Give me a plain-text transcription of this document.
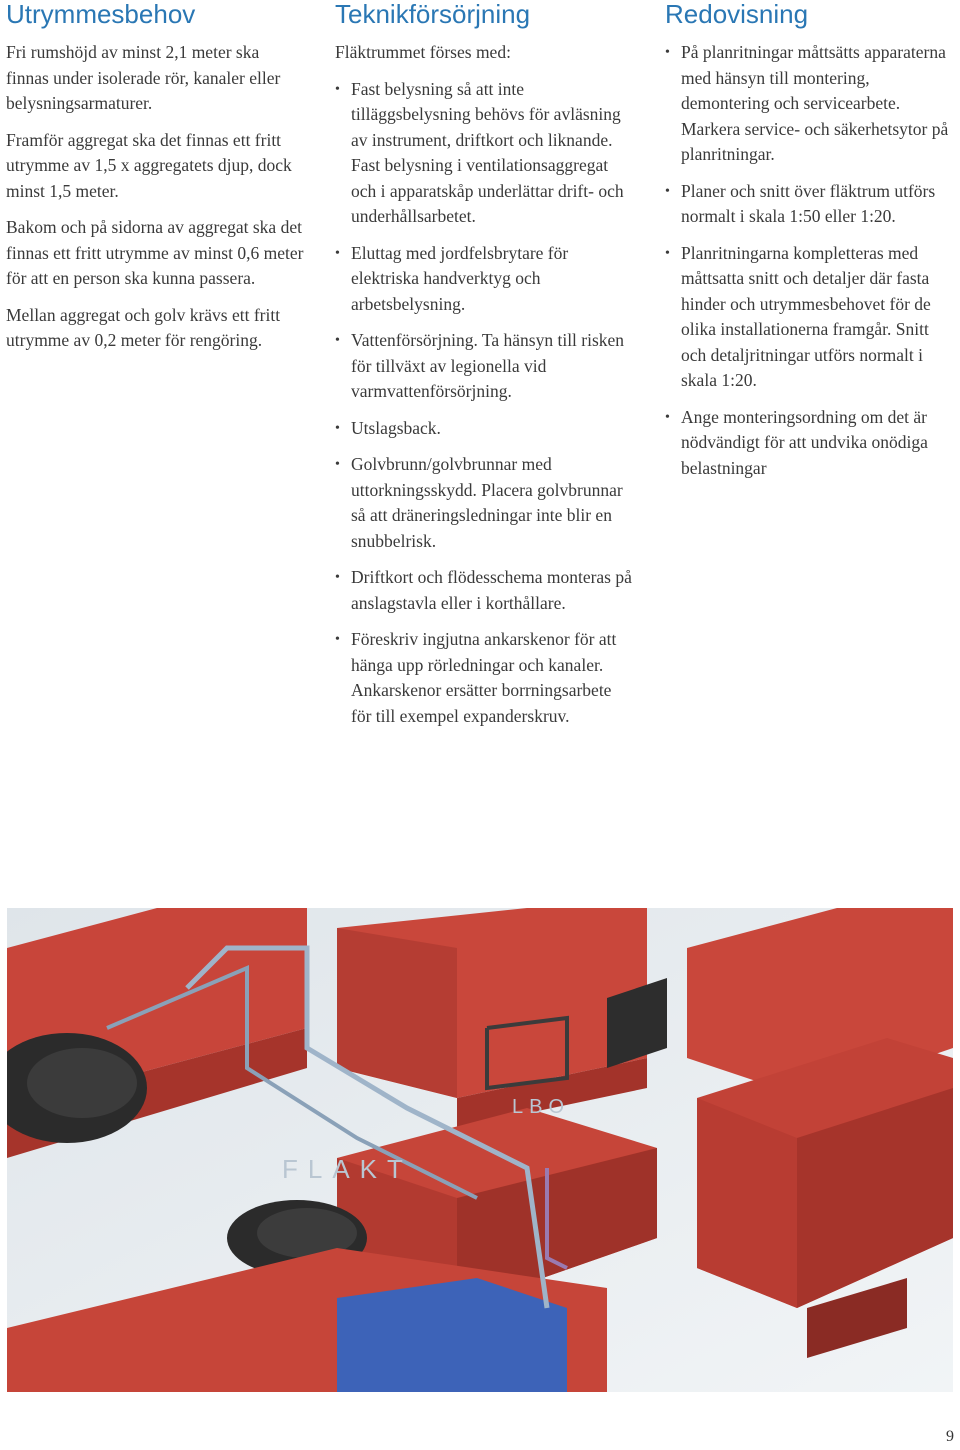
Utrymmesbehov

Fri rumshöjd av minst 2,1 meter ska finnas under isolerade rör, kanaler eller belysningsarmaturer.

Framför aggregat ska det finnas ett fritt utrymme av 1,5 x aggregatets djup, dock minst 1,5 meter.

Bakom och på sidorna av aggregat ska det finnas ett fritt utrymme av minst 0,6 meter för att en person ska kunna passera.

Mellan aggregat och golv krävs ett fritt utrymme av 0,2 meter för rengöring.

Teknikförsörjning

Fläktrummet förses med:

• Fast belysning så att inte tilläggsbelysning behövs för avläsning av instrument, driftkort och liknande. Fast belysning i ventilationsaggregat och i apparatskåp underlättar drift- och underhållsarbetet.
• Eluttag med jordfelsbrytare för elektriska handverktyg och arbetsbelysning.
• Vattenförsörjning. Ta hänsyn till risken för tillväxt av legionella vid varmvattenförsörjning.
• Utslagsback.
• Golvbrunn/golvbrunnar med uttorkningsskydd. Placera golvbrunnar så att dräneringsledningar inte blir en snubbelrisk.
• Driftkort och flödesschema monteras på anslagstavla eller i korthållare.
• Föreskriv ingjutna ankarskenor för att hänga upp rörledningar och kanaler. Ankarskenor ersätter borrningsarbete för till exempel expanderskruv.
Redovisning
• På planritningar måttsätts apparaterna med hänsyn till montering, demontering och servicearbete. Markera service- och säkerhetsytor på planritningar.
• Planer och snitt över fläktrum utförs normalt i skala 1:50 eller 1:20.
• Planritningarna kompletteras med måttsatta snitt och detaljer där fasta hinder och utrymmesbehovet för de olika installationerna framgår. Snitt och detaljritningar utförs normalt i skala 1:20.
• Ange monteringsordning om det är nödvändigt för att undvika onödiga belastningar
FLAKT
LBO
9
